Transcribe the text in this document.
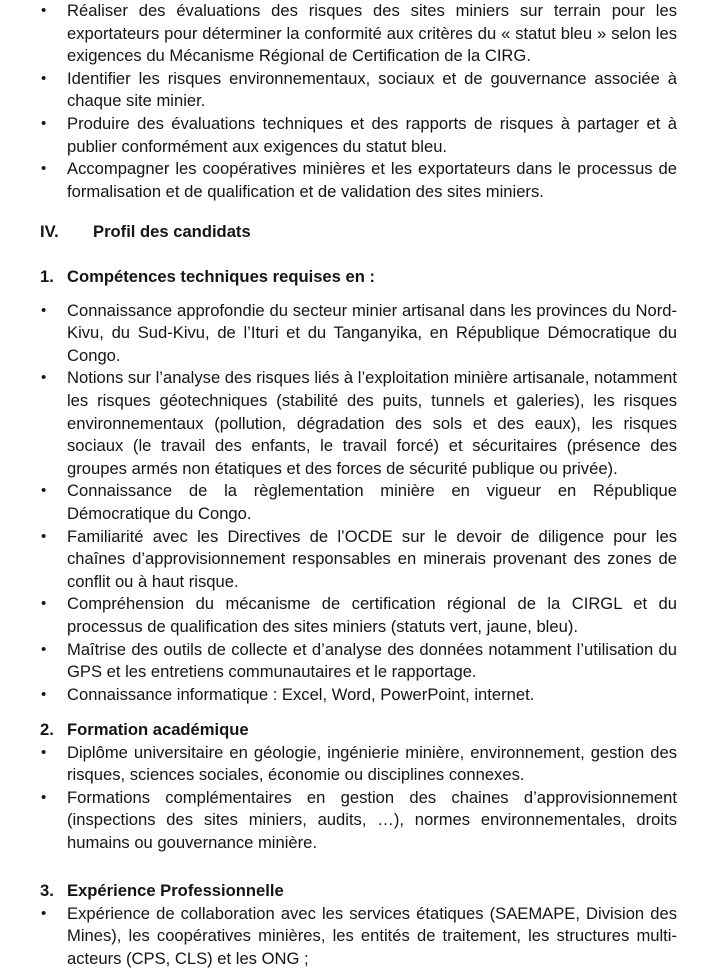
• Réaliser des évaluations des risques des sites miniers sur terrain pour les exportateurs pour déterminer la conformité aux critères du « statut bleu » selon les exigences du Mécanisme Régional de Certification de la CIRG.

• Identifier les risques environnementaux, sociaux et de gouvernance associée à chaque site minier.

• Produire des évaluations techniques et des rapports de risques à partager et à publier conformément aux exigences du statut bleu.

• Accompagner les coopératives minières et les exportateurs dans le processus de formalisation et de qualification et de validation des sites miniers.

IV. Profil des candidats
1. Compétences techniques requises en :
• Connaissance approfondie du secteur minier artisanal dans les provinces du Nord-Kivu, du Sud-Kivu, de l’Ituri et du Tanganyika, en République Démocratique du Congo.

• Notions sur l’analyse des risques liés à l’exploitation minière artisanale, notamment les risques géotechniques (stabilité des puits, tunnels et galeries), les risques environnementaux (pollution, dégradation des sols et des eaux), les risques sociaux (le travail des enfants, le travail forcé) et sécuritaires (présence des groupes armés non étatiques et des forces de sécurité publique ou privée).

• Connaissance de la règlementation minière en vigueur en République Démocratique du Congo.

• Familiarité avec les Directives de l’OCDE sur le devoir de diligence pour les chaînes d’approvisionnement responsables en minerais provenant des zones de conflit ou à haut risque.

• Compréhension du mécanisme de certification régional de la CIRGL et du processus de qualification des sites miniers (statuts vert, jaune, bleu).

• Maîtrise des outils de collecte et d’analyse des données notamment l’utilisation du GPS et les entretiens communautaires et le rapportage.

• Connaissance informatique : Excel, Word, PowerPoint, internet.

2. Formation académique
• Diplôme universitaire en géologie, ingénierie minière, environnement, gestion des risques, sciences sociales, économie ou disciplines connexes.

• Formations complémentaires en gestion des chaines d’approvisionnement (inspections des sites miniers, audits, …), normes environnementales, droits humains ou gouvernance minière.

3. Expérience Professionnelle
• Expérience de collaboration avec les services étatiques (SAEMAPE, Division des Mines), les coopératives minières, les entités de traitement, les structures multi-acteurs (CPS, CLS) et les ONG ;
